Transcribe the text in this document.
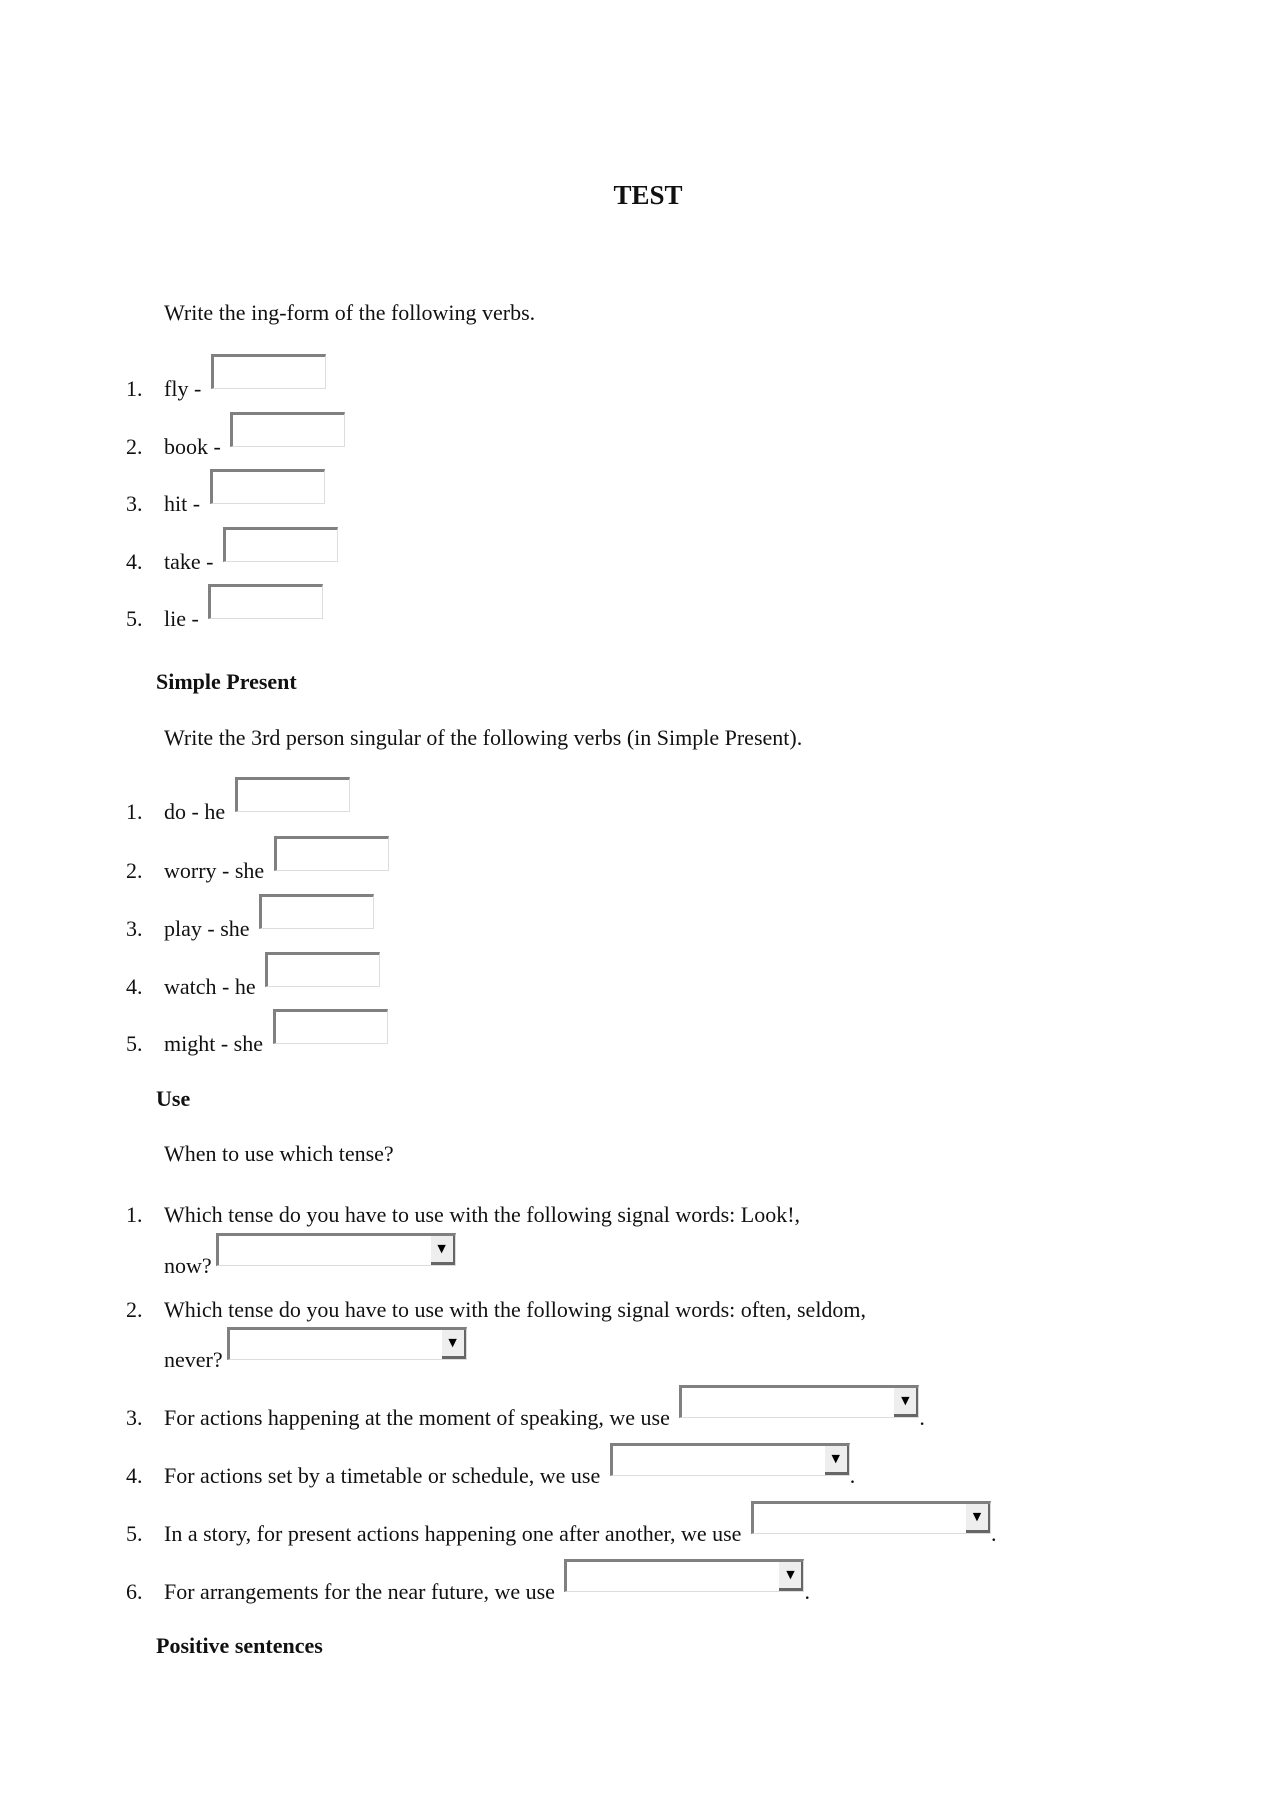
TEST
Write the ing-form of the following verbs.
1. fly -
2. book -
3. hit -
4. take -
5. lie -
Simple Present
Write the 3rd person singular of the following verbs (in Simple Present).
1. do - he
2. worry - she
3. play - she
4. watch - he
5. might - she
Use
When to use which tense?
1. Which tense do you have to use with the following signal words: Look!,
now?
▼
2. Which tense do you have to use with the following signal words: often, seldom,
never?
▼
3. For actions happening at the moment of speaking, we use
▼
.
4. For actions set by a timetable or schedule, we use
▼
.
5. In a story, for present actions happening one after another, we use
▼
.
6. For arrangements for the near future, we use
▼
.
Positive sentences
